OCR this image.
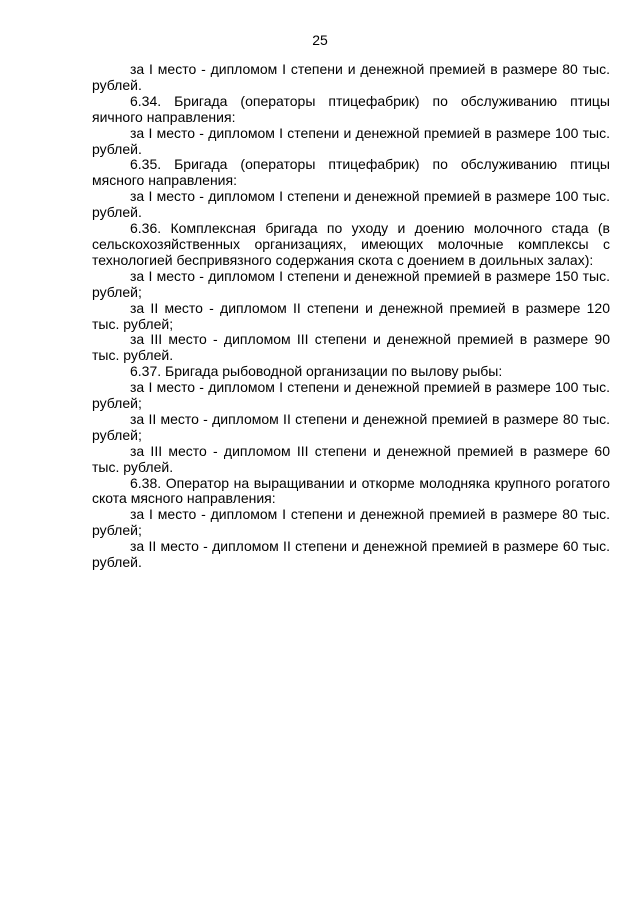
25

за I место - дипломом I степени и денежной премией в размере 80 тыс. рублей.

6.34. Бригада (операторы птицефабрик) по обслуживанию птицы яичного направления:

за I место - дипломом I степени и денежной премией в размере 100 тыс. рублей.

6.35. Бригада (операторы птицефабрик) по обслуживанию птицы мясного направления:

за I место - дипломом I степени и денежной премией в размере 100 тыс. рублей.

6.36. Комплексная бригада по уходу и доению молочного стада (в сельскохозяйственных организациях, имеющих молочные комплексы с технологией беспривязного содержания скота с доением в доильных залах):

за I место - дипломом I степени и денежной премией в размере 150 тыс. рублей;

за II место - дипломом II степени и денежной премией в размере 120 тыс. рублей;

за III место - дипломом III степени и денежной премией в размере 90 тыс. рублей.

6.37. Бригада рыбоводной организации по вылову рыбы:

за I место - дипломом I степени и денежной премией в размере 100 тыс. рублей;

за II место - дипломом II степени и денежной премией в размере 80 тыс. рублей;

за III место - дипломом III степени и денежной премией в размере 60 тыс. рублей.

6.38. Оператор на выращивании и откорме молодняка крупного рогатого скота мясного направления:

за I место - дипломом I степени и денежной премией в размере 80 тыс. рублей;

за II место - дипломом II степени и денежной премией в размере 60 тыс. рублей.
